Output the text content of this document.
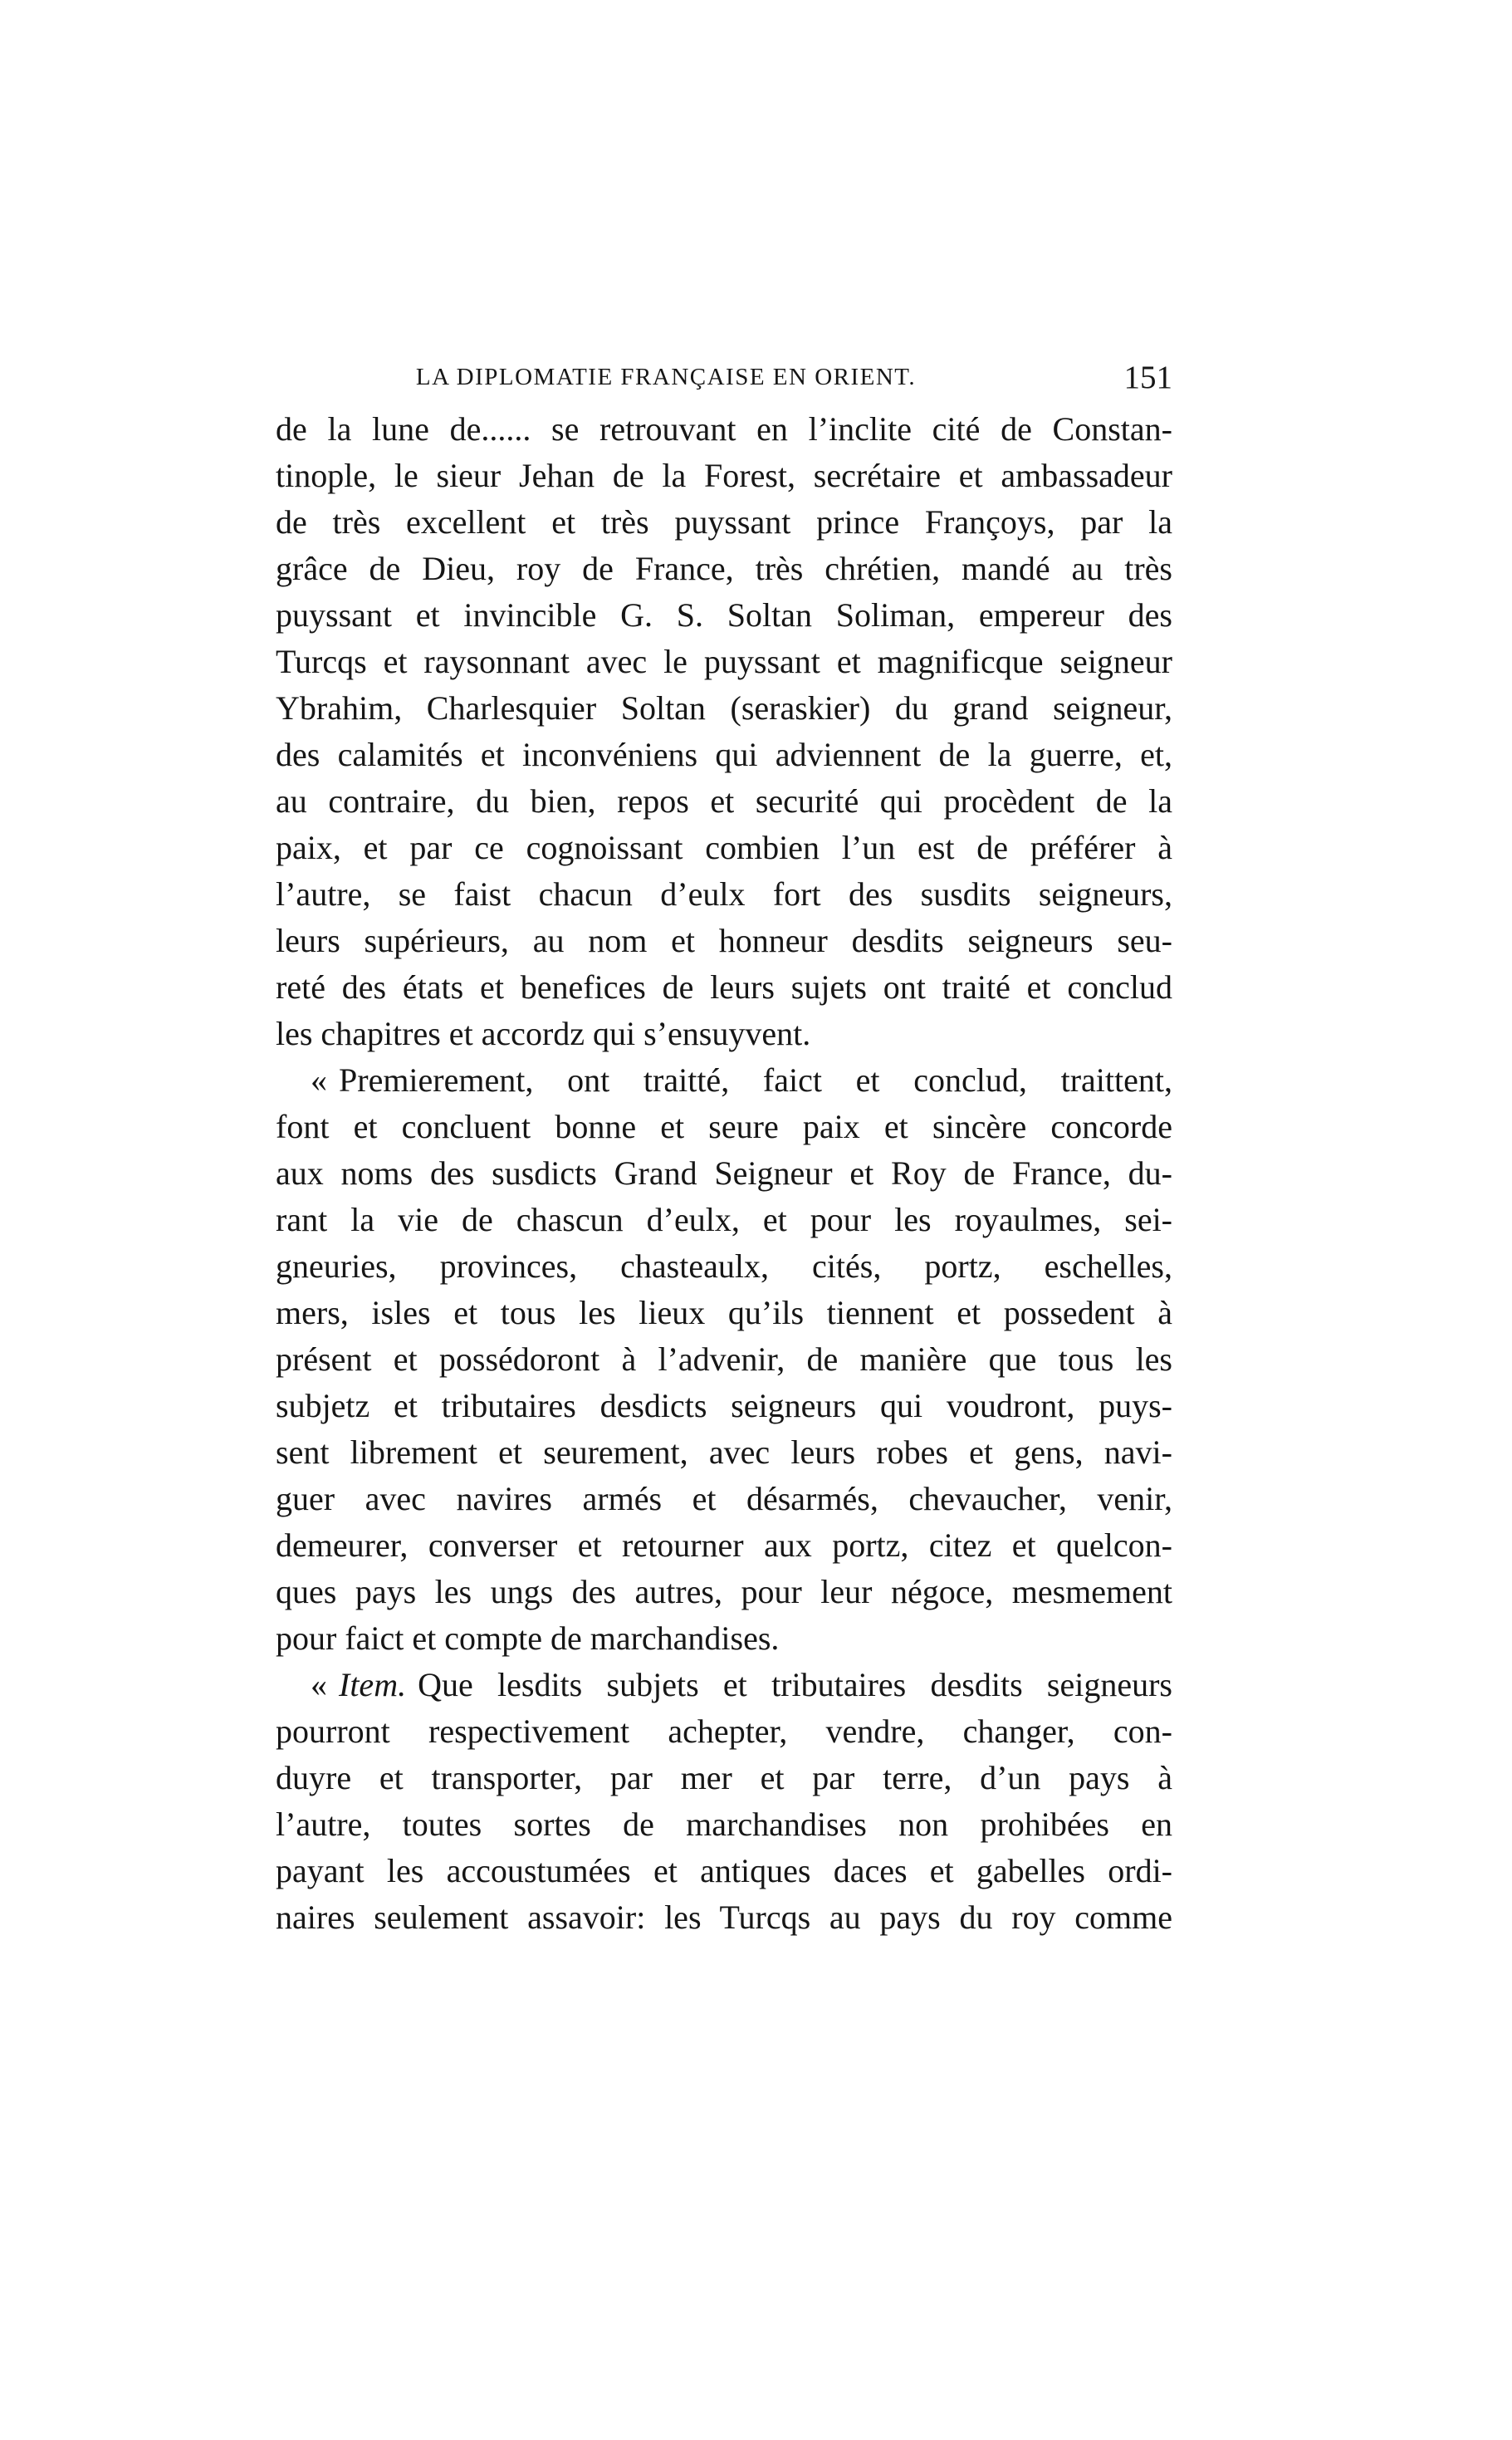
LA DIPLOMATIE FRANÇAISE EN ORIENT.	151
de la lune de...... se retrouvant en l’inclite cité de Constan-
tinople, le sieur Jehan de la Forest, secrétaire et ambassadeur
de très excellent et très puyssant prince Françoys, par la
grâce de Dieu, roy de France, très chrétien, mandé au très
puyssant et invincible G. S. Soltan Soliman, empereur des
Turcqs et raysonnant avec le puyssant et magnificque seigneur
Ybrahim, Charlesquier Soltan (seraskier) du grand seigneur,
des calamités et inconvéniens qui adviennent de la guerre, et,
au contraire, du bien, repos et securité qui procèdent de la
paix, et par ce cognoissant combien l’un est de préférer à
l’autre, se faist chacun d’eulx fort des susdits seigneurs,
leurs supérieurs, au nom et honneur desdits seigneurs seu-
reté des états et benefices de leurs sujets ont traité et conclud
les chapitres et accordz qui s’ensuyvent.
« Premierement, ont traitté, faict et conclud, traittent,
font et concluent bonne et seure paix et sincère concorde
aux noms des susdicts Grand Seigneur et Roy de France, du-
rant la vie de chascun d’eulx, et pour les royaulmes, sei-
gneuries, provinces, chasteaulx, cités, portz, eschelles,
mers, isles et tous les lieux qu’ils tiennent et possedent à
présent et possédoront à l’advenir, de manière que tous les
subjetz et tributaires desdicts seigneurs qui voudront, puys-
sent librement et seurement, avec leurs robes et gens, navi-
guer avec navires armés et désarmés, chevaucher, venir,
demeurer, converser et retourner aux portz, citez et quelcon-
ques pays les ungs des autres, pour leur négoce, mesmement
pour faict et compte de marchandises.
« Item. Que lesdits subjets et tributaires desdits seigneurs
pourront respectivement achepter, vendre, changer, con-
duyre et transporter, par mer et par terre, d’un pays à
l’autre, toutes sortes de marchandises non prohibées en
payant les accoustumées et antiques daces et gabelles ordi-
naires seulement assavoir: les Turcqs au pays du roy comme
